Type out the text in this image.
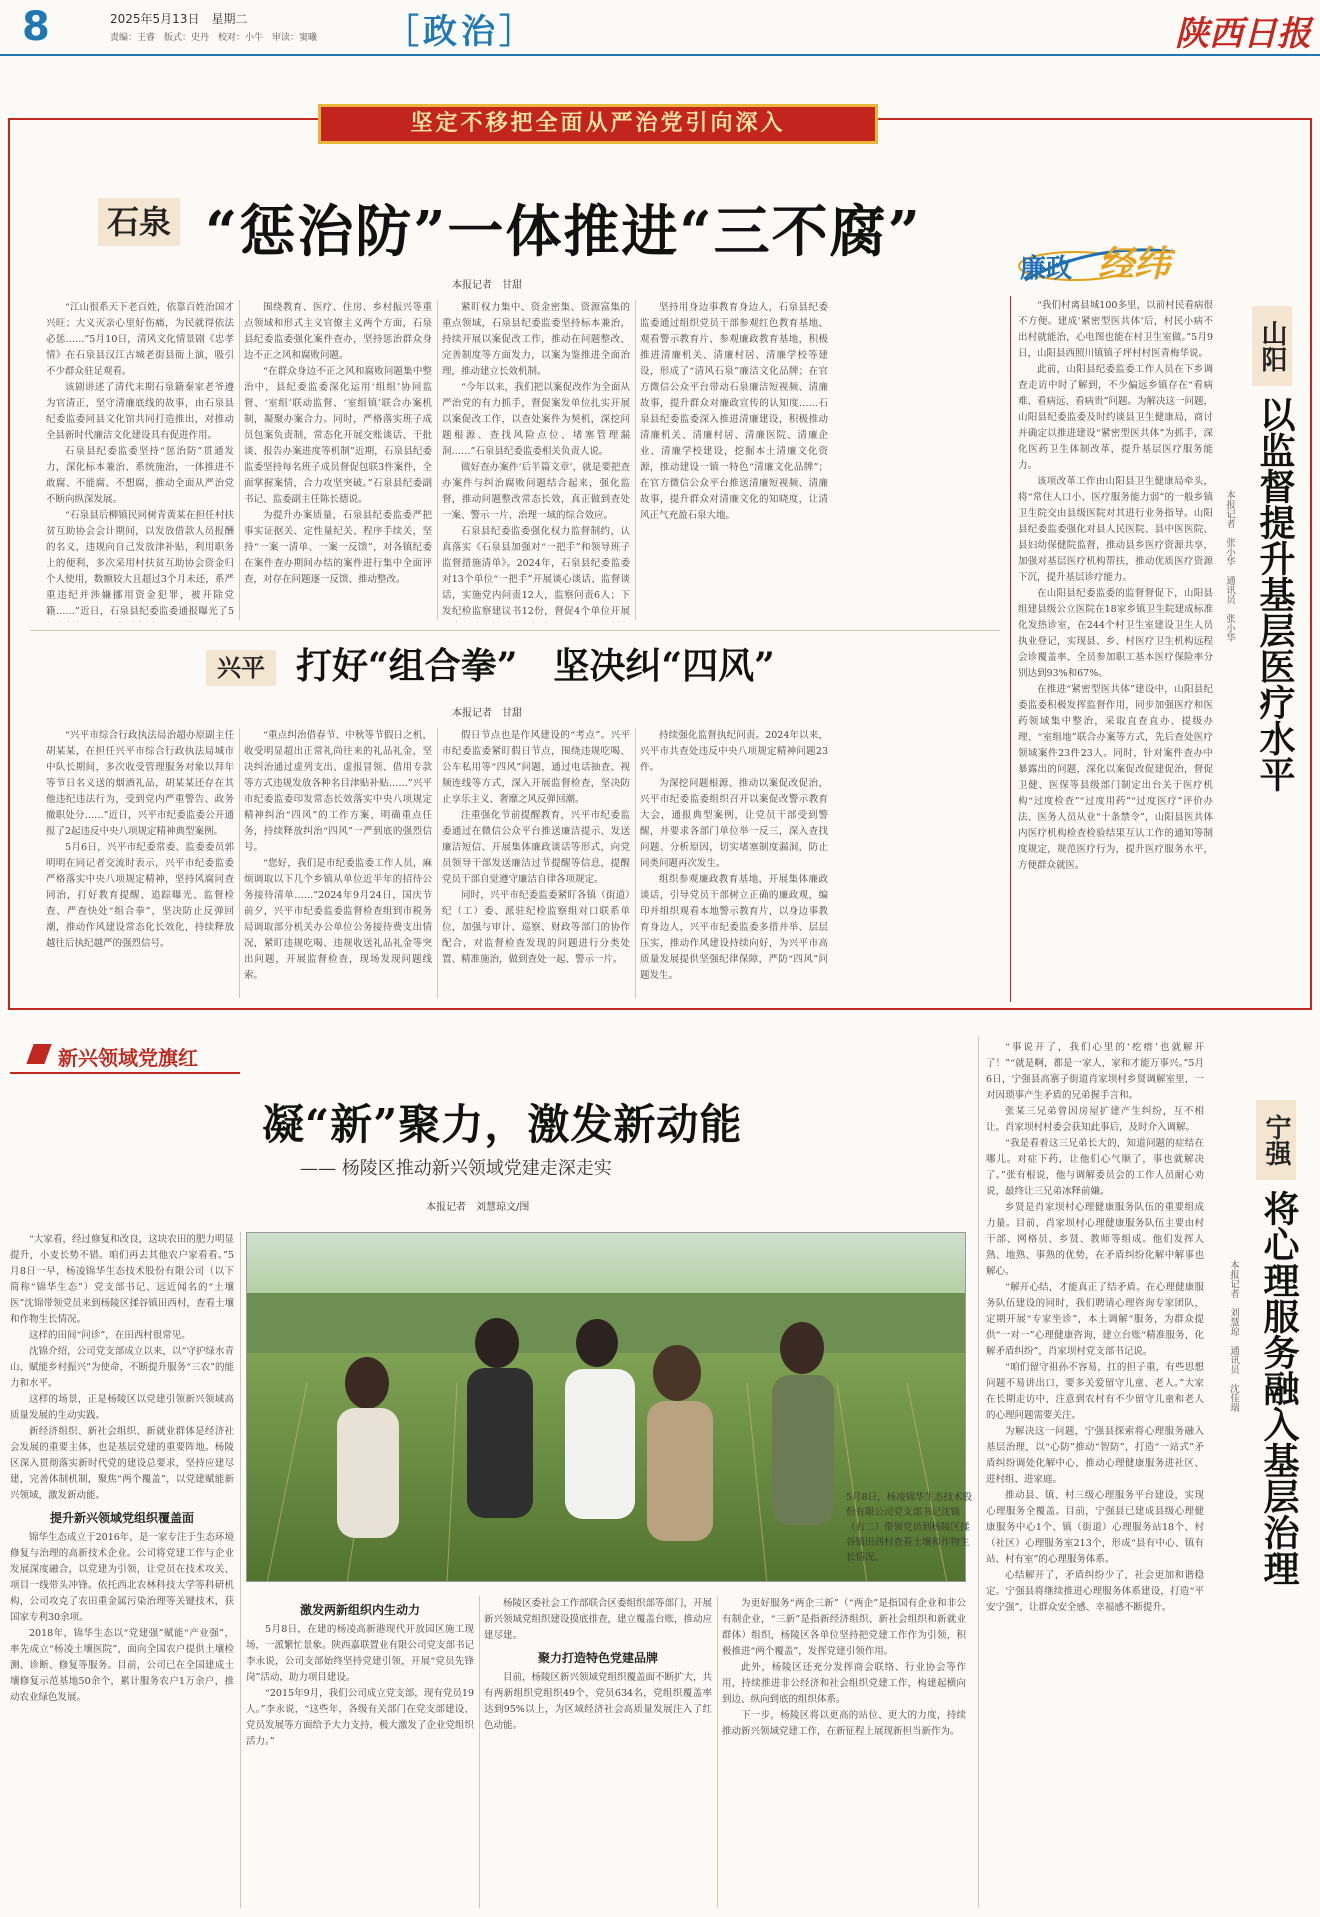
8	2025年5月13日　星期二
责编：王睿　版式：史丹　校对：小牛　审读：窦曦 ［政治］	陕西日报
坚定不移把全面从严治党引向深入
石泉 “惩治防”一体推进“三不腐”
本报记者　甘甜
廉政 经纬

“江山很系天下老百姓，依靠百姓治国才兴旺；大义灭亲心里好伤痛，为民就得依法必惩……”5月10日，清风文化情景剧《忠孝情》在石泉县汉江古城老街县衙上演，吸引不少群众驻足观看。

该剧讲述了清代末期石泉籍秦家老爷遵为官清正，坚守清廉底线的故事，由石泉县纪委监委同县文化馆共同打造推出，对推动全县新时代廉洁文化建设具有促进作用。

石泉县纪委监委坚持“惩治防”贯通发力，深化标本兼治、系统施治，一体推进不敢腐、不能腐、不想腐，推动全面从严治党不断向纵深发展。

“石泉县后柳镇民同树青黄某在担任村扶贫互助协会会计期间，以发放借款人员报酬的名义，违规向自己发放津补贴，利用职务上的便利，多次采用村扶贫互助协会资金归个人使用，数额较大且超过3个月未还，系严重违纪并涉嫌挪用资金犯罪，被开除党籍……”近日，石泉县纪委监委通报曝光了5

围绕教育、医疗、住房、乡村振兴等重点领域和形式主义官僚主义两个方面，石泉县纪委监委强化案件查办，坚持惩治群众身边不正之风和腐败问题。

“在群众身边不正之风和腐败问题集中整治中，县纪委监委深化运用‘组组’协同监督、‘室组’联动监督、‘室组镇’联合办案机制，凝聚办案合力。同时，严格落实班子成员包案负责制，常态化开展交账谈话、干批谈、报告办案进度等机制”近期，石泉县纪委监委坚持每名班子成员督促包联3件案件，全面掌握案情，合力攻坚突破。”石泉县纪委副书记、监委副主任陈长德说。

为提升办案质量，石泉县纪委监委严把事实证据关、定性量纪关、程序手续关，坚持“一案一清单、一案一反馈”，对各镇纪委在案件查办期间办结的案件进行集中全面评查，对存在问题逐一反馈、推动整改。

紧盯权力集中、资金密集、资源富集的重点领域，石泉县纪委监委坚持标本兼治，持续开展以案促改工作，推动在问题整改、完善制度等方面发力，以案为鉴推进全面治理，推动建立长效机制。

“今年以来，我们把以案促改作为全面从严治党的有力抓手，督促案发单位扎实开展以案促改工作，以查处案件为契机，深挖问题根源、查找风险点位、堵塞管理漏洞……”石泉县纪委监委相关负责人说。

做好查办案件‘后半篇文章’，就是要把查办案件与纠治腐败问题结合起来，强化监督，推动问题整改常态长效，真正做到查处一案、警示一片、治理一域的综合效应。

石泉县纪委监委强化权力监督制约，认真落实《石泉县加强对“一把手”和领导班子监督措施清单》。2024年，石泉县纪委监委对13个单位“一把手”开展谈心谈话、监督谈话，实施党内问责12人，监察问责6人；下发纪检监察建议书12份，督促4个单位开展

坚持用身边事教育身边人，石泉县纪委监委通过组织党员干部参观红色教育基地、观看警示教育片、参观廉政教育基地，积极推进清廉机关、清廉村居、清廉学校等建设，形成了“清风石泉”廉洁文化品牌；在官方微信公众平台带动石泉廉洁短视频、清廉故事，提升群众对廉政宣传的认知度……石泉县纪委监委深入推进清廉建设，积极推动清廉机关、清廉村居、清廉医院、清廉企业、清廉学校建设，挖掘本土清廉文化资源，推动建设一镇一特色“清廉文化品牌”；在官方微信公众平台推送清廉短视频、清廉故事，提升群众对清廉文化的知晓度，让清风正气充盈石泉大地。

兴平 打好“组合拳”　坚决纠“四风”
本报记者　甘甜

“兴平市综合行政执法局治超办原副主任胡某某，在担任兴平市综合行政执法局城市中队长期间，多次收受管理服务对象以拜年等节日名义送的烟酒礼品，胡某某还存在其他违纪违法行为，受到党内严重警告、政务撤职处分……”近日，兴平市纪委监委公开通报了2起违反中央八项规定精神典型案例。

5月6日，兴平市纪委常委、监委委员郭明明在同记者交流时表示，兴平市纪委监委严格落实中央八项规定精神，坚持风腐同查同治，打好教育提醒、追踪曝光、监督检查、严查快处“组合拳”，坚决防止反弹回潮，推动作风建设常态化长效化，持续释放越往后执纪越严的强烈信号。

“重点纠治借春节、中秋等节假日之机，收受明显超出正常礼尚往来的礼品礼金，坚决纠治通过虚列支出、虚报冒领、借用专款等方式违规发放各种名目津贴补贴……”兴平市纪委监委印发常态长效落实中央八项规定精神纠治“四风”的工作方案，明确重点任务，持续释放纠治“四风”一严到底的强烈信号。

“您好，我们是市纪委监委工作人员，麻烦调取以下几个乡镇从单位近半年的招待公务接待清单……”2024年9月24日，国庆节前夕，兴平市纪委监委监督检查组到市税务局调取部分机关办公单位公务接待费支出情况，紧盯违规吃喝、违规收送礼品礼金等突出问题，开展监督检查，现场发现问题线索。

假日节点也是作风建设的“考点”。兴平市纪委监委紧盯假日节点，围绕违规吃喝、公车私用等“四风”问题，通过电话抽查、视频连线等方式，深入开展监督检查，坚决防止享乐主义、奢靡之风反弹回潮。

注重强化节前提醒教育，兴平市纪委监委通过在微信公众平台推送廉洁提示、发送廉洁短信、开展集体廉政谈话等形式，向党员领导干部发送廉洁过节提醒等信息，提醒党员干部自觉遵守廉洁自律各项规定。

同时，兴平市纪委监委紧盯各镇（街道）纪（工）委、派驻纪检监察组对口联系单位，加强与审计、巡察、财政等部门的协作配合，对监督检查发现的问题进行分类处置、精准施治，做到查处一起、警示一片。

持续强化监督执纪问责。2024年以来，兴平市共查处违反中央八项规定精神问题23件。

为深挖问题根源、推动以案促改促治，兴平市纪委监委组织召开以案促改警示教育大会，通报典型案例，让党员干部受到警醒，并要求各部门单位举一反三，深入查找问题、分析原因，切实堵塞制度漏洞，防止同类问题再次发生。

组织参观廉政教育基地，开展集体廉政谈话，引导党员干部树立正确的廉政观，编印并组织观看本地警示教育片，以身边事教育身边人，兴平市纪委监委多措并举、层层压实，推动作风建设持续向好，为兴平市高质量发展提供坚强纪律保障，严防“四风”问题发生。

“我们村离县城100多里，以前村民看病很不方便。建成‘紧密型医共体’后，村民小病不出村就能治，心电图也能在村卫生室做。”5月9日，山阳县西照川镇镇子坪村村医青梅华说。

此前，山阳县纪委监委工作人员在下乡调查走访中时了解到，不少偏远乡镇存在“看病难、看病远、看病贵”问题。为解决这一问题，山阳县纪委监委及时约谈县卫生健康局，商讨并确定以推进建设“紧密型医共体”为抓手，深化医药卫生体制改革，提升基层医疗服务能力。

该项改革工作由山阳县卫生健康局牵头，将“常住人口小、医疗服务能力弱”的一般乡镇卫生院交由县级医院对其进行业务指导。山阳县纪委监委强化对县人民医院、县中医医院、县妇幼保健院监督，推动县乡医疗资源共享，加强对基层医疗机构帮扶，推动优质医疗资源下沉，提升基层诊疗能力。

在山阳县纪委监委的监督督促下，山阳县组建县级公立医院在18家乡镇卫生院建成标准化发热诊室，在244个村卫生室建设卫生人员执业登记，实现县、乡、村医疗卫生机构远程会诊覆盖率、全员参加职工基本医疗保险率分别达到93%和67%。

在推进“紧密型医共体”建设中，山阳县纪委监委积极发挥监督作用，同步加强医疗和医药领域集中整治，采取直查直办、提级办理、“室组地”联合办案等方式，先后查处医疗领域案件23件23人。同时，针对案件查办中暴露出的问题，深化以案促改促建促治，督促卫健、医保等县级部门制定出台关于医疗机构“过度检查”“过度用药”“过度医疗”评价办法、医务人员从业“十条禁令”，山阳县医共体内医疗机构检查检验结果互认工作的通知等制度规定，规范医疗行为，提升医疗服务水平，方便群众就医。

山阳
以监督提升基层医疗水平
本报记者　张小华　通讯员　张小华
新兴领域党旗红
凝“新”聚力，激发新动能
—— 杨陵区推动新兴领域党建走深走实
本报记者　刘慧琼文/图
5月8日，杨凌锦华生态技术股份有限公司党支部书记沈锦（右二）带领党员到杨陵区揉谷镇田西村查看土壤和作物生长情况。

“大家看，经过修复和改良，这块农田的肥力明显提升，小麦长势不错。咱们再去其他农户家看看。”5月8日一早，杨凌锦华生态技术股份有限公司（以下简称“锦华生态”）党支部书记、远近闻名的“土壤医”沈锦带领党员来到杨陵区揉谷镇田西村，查看土壤和作物生长情况。

这样的田间“问诊”，在田西村很常见。

沈锦介绍，公司党支部成立以来，以“守护绿水青山、赋能乡村振兴”为使命，不断提升服务“三农”的能力和水平。

这样的场景，正是杨陵区以党建引领新兴领域高质量发展的生动实践。

新经济组织、新社会组织、新就业群体是经济社会发展的重要主体，也是基层党建的重要阵地。杨陵区深入贯彻落实新时代党的建设总要求，坚持应建尽建，完善体制机制，聚焦“两个覆盖”，以党建赋能新兴领域，激发新动能。

提升新兴领域党组织覆盖面

锦华生态成立于2016年，是一家专注于生态环境修复与治理的高新技术企业。公司将党建工作与企业发展深度融合，以党建为引领，让党员在技术攻关、项目一线带头冲锋。依托西北农林科技大学等科研机构，公司攻克了农田重金属污染治理等关键技术，获国家专利30余项。

2018年，锦华生态以“党建强”赋能“产业强”，率先成立“杨凌土壤医院”，面向全国农户提供土壤检测、诊断、修复等服务。目前，公司已在全国建成土壤修复示范基地50余个，累计服务农户1万余户，推动农业绿色发展。

激发两新组织内生动力

5月8日，在建的杨凌高新港现代开放园区施工现场，一派繁忙景象。陕西嘉联置业有限公司党支部书记李永说，公司支部始终坚持党建引领，开展“党员先锋岗”活动，助力项目建设。

“2015年9月，我们公司成立党支部，现有党员19人。”李永说，“这些年，各级有关部门在党支部建设、党员发展等方面给予大力支持，极大激发了企业党组织活力。”

杨陵区委社会工作部联合区委组织部等部门，开展新兴领域党组织建设摸底排查，建立覆盖台账，推动应建尽建。

聚力打造特色党建品牌

目前，杨陵区新兴领域党组织覆盖面不断扩大，共有两新组织党组织49个，党员634名，党组织覆盖率达到95%以上，为区域经济社会高质量发展注入了红色动能。

为更好服务“两企三新”（“两企”是指国有企业和非公有制企业，“三新”是指新经济组织、新社会组织和新就业群体）组织，杨陵区各单位坚持把党建工作作为引领，积极推进“两个覆盖”，发挥党建引领作用。

此外，杨陵区还充分发挥商会联络、行业协会等作用，持续推进非公经济和社会组织党建工作，构建起横向到边、纵向到底的组织体系。

下一步，杨陵区将以更高的站位、更大的力度，持续推动新兴领域党建工作，在新征程上展现新担当新作为。

“事说开了，我们心里的‘疙瘩’也就解开了！”“就是啊，都是一家人，家和才能万事兴。”5月6日，宁强县高寨子街道肖家坝村乡贤调解室里，一对因琐事产生矛盾的兄弟握手言和。

张某三兄弟曾因房屋扩建产生纠纷，互不相让。肖家坝村村委会获知此事后，及时介入调解。

“我是看着这三兄弟长大的，知道问题的症结在哪儿。对症下药，让他们心气顺了，事也就解决了。”张有根说，他与调解委员会的工作人员耐心劝说，最终让三兄弟冰释前嫌。

乡贤是肖家坝村心理健康服务队伍的重要组成力量。目前，肖家坝村心理健康服务队伍主要由村干部、网格员、乡贤、教师等组成。他们发挥人熟、地熟、事熟的优势，在矛盾纠纷化解中解事也解心。

“解开心结，才能真正了结矛盾。在心理健康服务队伍建设的同时，我们聘请心理咨询专家团队，定期开展“专家坐诊”，本土调解“服务，为群众提供“一对一”心理健康咨询，建立台账“精准服务，化解矛盾纠纷”，肖家坝村党支部书记说。

“咱们留守祖孙不容易，扛的担子重，有些思想问题不易讲出口，要多关爱留守儿童、老人。”大家在长期走访中，注意到农村有不少留守儿童和老人的心理问题需要关注。

为解决这一问题，宁强县探索将心理服务融入基层治理，以“心防”推动“智防”，打造“一站式”矛盾纠纷调处化解中心，推动心理健康服务进社区、进村组、进家庭。

推动县、镇、村三级心理服务平台建设，实现心理服务全覆盖。目前，宁强县已建成县级心理健康服务中心1个、镇（街道）心理服务站18个、村（社区）心理服务室213个，形成“县有中心、镇有站、村有室”的心理服务体系。

心结解开了，矛盾纠纷少了，社会更加和谐稳定。宁强县将继续推进心理服务体系建设，打造“平安宁强”，让群众安全感、幸福感不断提升。

宁强
将心理服务融入基层治理
本报记者　刘慧琼　通讯员　沈佳瑞
